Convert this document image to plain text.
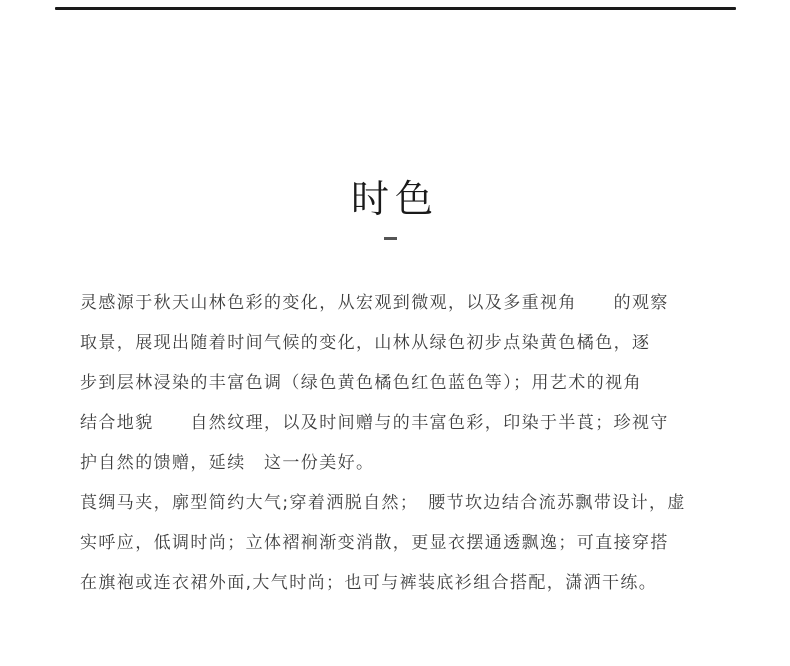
时色

灵感源于秋天山林色彩的变化，从宏观到微观，以及多重视角　　的观察
取景，展现出随着时间气候的变化，山林从绿色初步点染黄色橘色，逐
步到层林浸染的丰富色调（绿色黄色橘色红色蓝色等）；用艺术的视角
结合地貌　　自然纹理，以及时间赠与的丰富色彩，印染于半莨；珍视守
护自然的馈赠，延续　这一份美好。

莨绸马夹，廓型简约大气;穿着洒脱自然；　腰节坎边结合流苏飘带设计，虚
实呼应，低调时尚；立体褶裥渐变消散，更显衣摆通透飘逸；可直接穿搭
在旗袍或连衣裙外面,大气时尚；也可与裤装底衫组合搭配，潇洒干练。
